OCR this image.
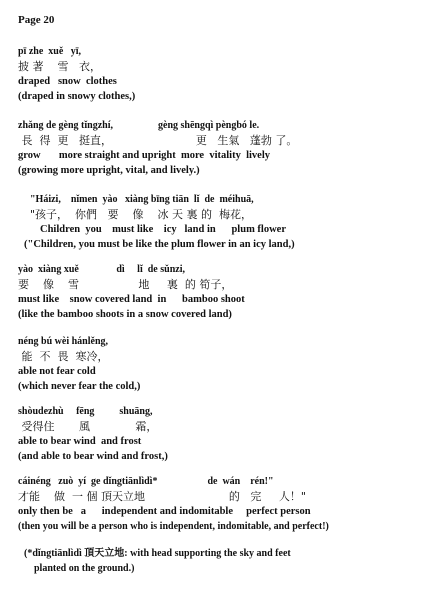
Page 20
pī zhe  xuě   yī,
披 著    雪   衣，
draped   snow  clothes
(draped in snowy clothes,)
zhǎng de gèng tǐngzhí,                  gèng shēngqì pèngbó le.
長  得  更   挺直，                        更   生氣   蓬勃 了。
grow       more straight and upright  more  vitality  lively
(growing more upright, vital, and lively.)
"Háizi,    nǐmen  yào   xiàng bīng tiān  lǐ  de  méihuā,
"孩子，  你們   要    像    冰 天 裏 的  梅花，
Children  you    must like    icy   land in      plum flower
("Children, you must be like the plum flower in an icy land,)
yào  xiàng xuě               dì     lǐ  de sǔnzi,
要    像    雪                 地     裏  的 筍子，
must like    snow covered land  in      bamboo shoot
(like the bamboo shoots in a snow covered land)
néng bú wèi hánlěng,
能  不  畏  寒冷，
able not fear cold
(which never fear the cold,)
shòudezhù     fēng          shuāng,
受得住       風             霜，
able to bear wind  and frost
(and able to bear wind and frost,)
cáinéng   zuò  yí  ge dǐngtiānlìdì*                    de  wán    rén!"
才能    做  一 個 頂天立地                        的   完     人！"
only then be   a      independent and indomitable     perfect person
(then you will be a person who is independent, indomitable, and perfect!)
(*dǐngtiānlìdì 頂天立地: with head supporting the sky and feet
planted on the ground.)
